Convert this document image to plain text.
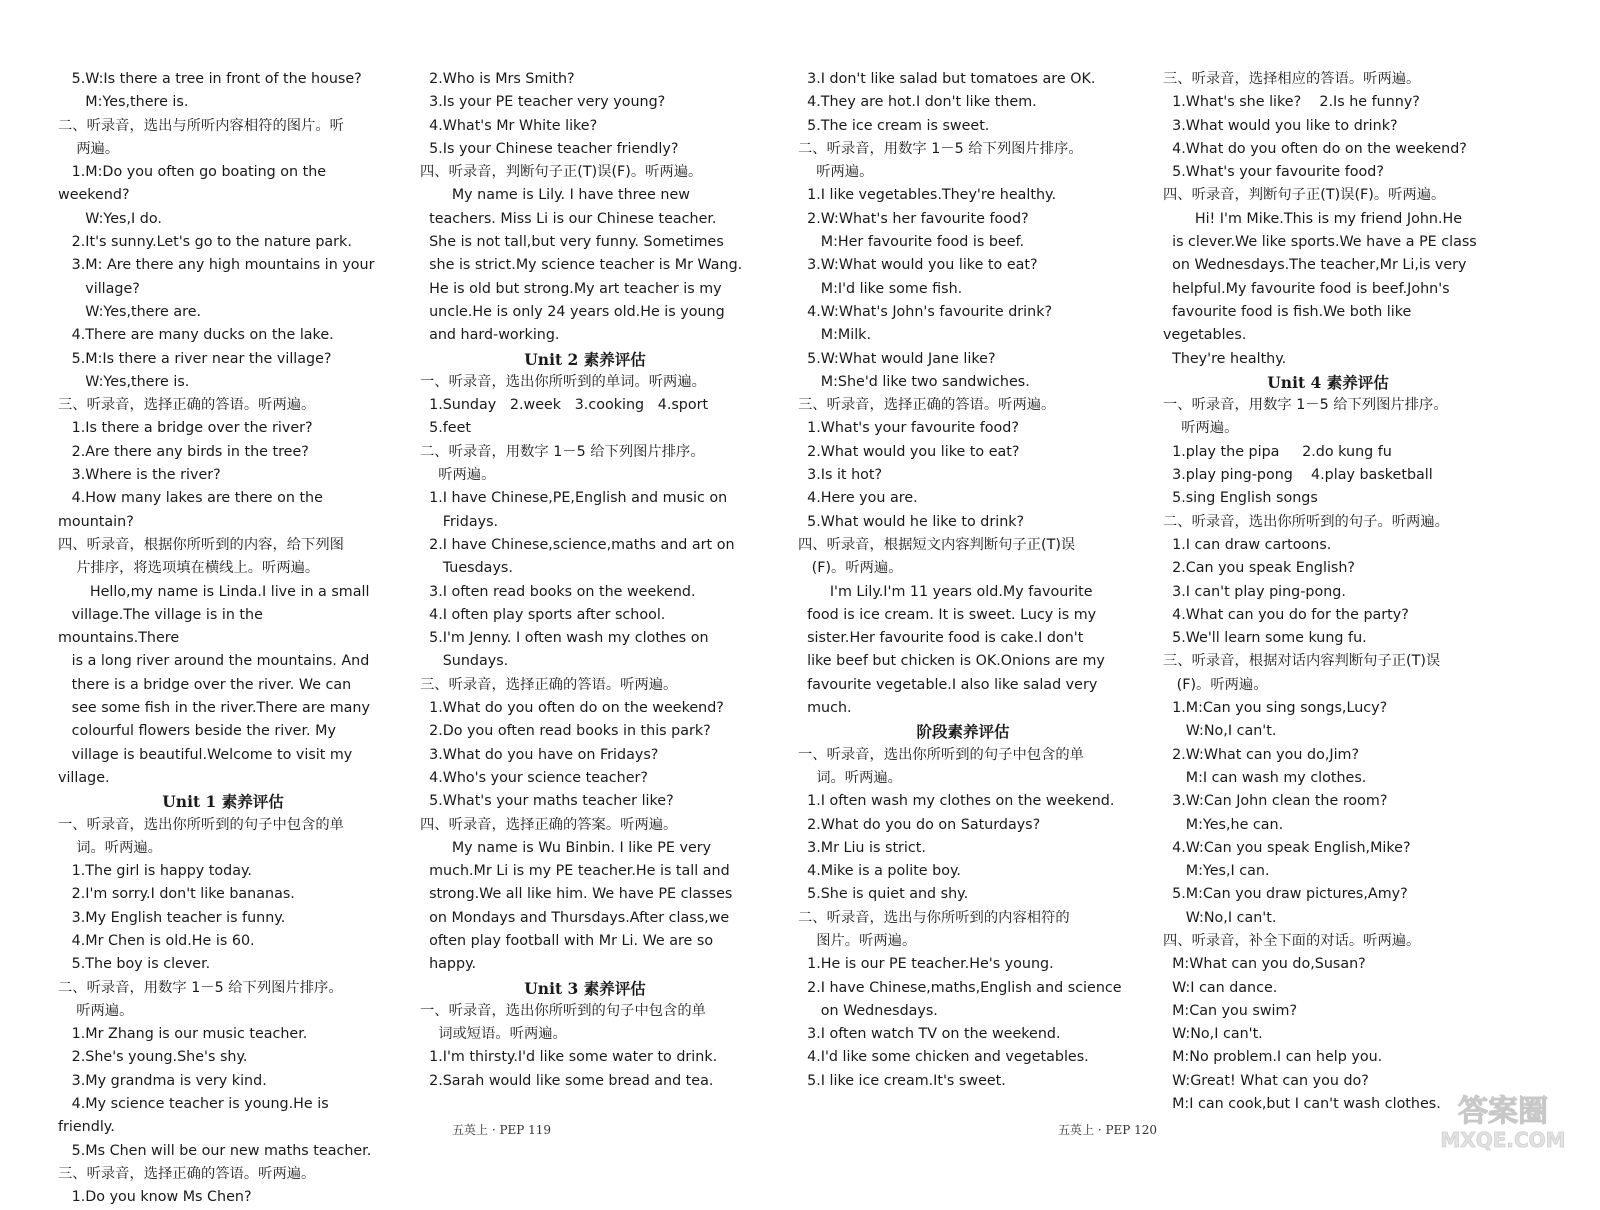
5.W:Is there a tree in front of the house?
M:Yes,there is.
二、听录音，选出与所听内容相符的图片。听
两遍。
1.M:Do you often go boating on the weekend?
W:Yes,I do.
2.It's sunny.Let's go to the nature park.
3.M: Are there any high mountains in your
village?
W:Yes,there are.
4.There are many ducks on the lake.
5.M:Is there a river near the village?
W:Yes,there is.
三、听录音，选择正确的答语。听两遍。
1.Is there a bridge over the river?
2.Are there any birds in the tree?
3.Where is the river?
4.How many lakes are there on the mountain?
四、听录音，根据你所听到的内容，给下列图
片排序，将选项填在横线上。听两遍。
Hello,my name is Linda.I live in a small
village.The village is in the mountains.There
is a long river around the mountains. And
there is a bridge over the river. We can
see some fish in the river.There are many
colourful flowers beside the river. My
village is beautiful.Welcome to visit my village.
Unit 1 素养评估
一、听录音，选出你所听到的句子中包含的单
词。听两遍。
1.The girl is happy today.
2.I'm sorry.I don't like bananas.
3.My English teacher is funny.
4.Mr Chen is old.He is 60.
5.The boy is clever.
二、听录音，用数字 1－5 给下列图片排序。
听两遍。
1.Mr Zhang is our music teacher.
2.She's young.She's shy.
3.My grandma is very kind.
4.My science teacher is young.He is friendly.
5.Ms Chen will be our new maths teacher.
三、听录音，选择正确的答语。听两遍。
1.Do you know Ms Chen?
2.Who is Mrs Smith?
3.Is your PE teacher very young?
4.What's Mr White like?
5.Is your Chinese teacher friendly?
四、听录音，判断句子正(T)误(F)。听两遍。
My name is Lily. I have three new
teachers. Miss Li is our Chinese teacher.
She is not tall,but very funny. Sometimes
she is strict.My science teacher is Mr Wang.
He is old but strong.My art teacher is my
uncle.He is only 24 years old.He is young
and hard-working.
Unit 2 素养评估
一、听录音，选出你所听到的单词。听两遍。
1.Sunday   2.week   3.cooking   4.sport
5.feet
二、听录音，用数字 1－5 给下列图片排序。
听两遍。
1.I have Chinese,PE,English and music on
Fridays.
2.I have Chinese,science,maths and art on
Tuesdays.
3.I often read books on the weekend.
4.I often play sports after school.
5.I'm Jenny. I often wash my clothes on
Sundays.
三、听录音，选择正确的答语。听两遍。
1.What do you often do on the weekend?
2.Do you often read books in this park?
3.What do you have on Fridays?
4.Who's your science teacher?
5.What's your maths teacher like?
四、听录音，选择正确的答案。听两遍。
My name is Wu Binbin. I like PE very
much.Mr Li is my PE teacher.He is tall and
strong.We all like him. We have PE classes
on Mondays and Thursdays.After class,we
often play football with Mr Li. We are so
happy.
Unit 3 素养评估
一、听录音，选出你所听到的句子中包含的单
词或短语。听两遍。
1.I'm thirsty.I'd like some water to drink.
2.Sarah would like some bread and tea.
3.I don't like salad but tomatoes are OK.
4.They are hot.I don't like them.
5.The ice cream is sweet.
二、听录音，用数字 1－5 给下列图片排序。
听两遍。
1.I like vegetables.They're healthy.
2.W:What's her favourite food?
M:Her favourite food is beef.
3.W:What would you like to eat?
M:I'd like some fish.
4.W:What's John's favourite drink?
M:Milk.
5.W:What would Jane like?
M:She'd like two sandwiches.
三、听录音，选择正确的答语。听两遍。
1.What's your favourite food?
2.What would you like to eat?
3.Is it hot?
4.Here you are.
5.What would he like to drink?
四、听录音，根据短文内容判断句子正(T)误
(F)。听两遍。
I'm Lily.I'm 11 years old.My favourite
food is ice cream. It is sweet. Lucy is my
sister.Her favourite food is cake.I don't
like beef but chicken is OK.Onions are my
favourite vegetable.I also like salad very
much.
阶段素养评估
一、听录音，选出你所听到的句子中包含的单
词。听两遍。
1.I often wash my clothes on the weekend.
2.What do you do on Saturdays?
3.Mr Liu is strict.
4.Mike is a polite boy.
5.She is quiet and shy.
二、听录音，选出与你所听到的内容相符的
图片。听两遍。
1.He is our PE teacher.He's young.
2.I have Chinese,maths,English and science
on Wednesdays.
3.I often watch TV on the weekend.
4.I'd like some chicken and vegetables.
5.I like ice cream.It's sweet.
三、听录音，选择相应的答语。听两遍。
1.What's she like?    2.Is he funny?
3.What would you like to drink?
4.What do you often do on the weekend?
5.What's your favourite food?
四、听录音，判断句子正(T)误(F)。听两遍。
Hi! I'm Mike.This is my friend John.He
is clever.We like sports.We have a PE class
on Wednesdays.The teacher,Mr Li,is very
helpful.My favourite food is beef.John's
favourite food is fish.We both like vegetables.
They're healthy.
Unit 4 素养评估
一、听录音，用数字 1－5 给下列图片排序。
听两遍。
1.play the pipa     2.do kung fu
3.play ping-pong    4.play basketball
5.sing English songs
二、听录音，选出你所听到的句子。听两遍。
1.I can draw cartoons.
2.Can you speak English?
3.I can't play ping-pong.
4.What can you do for the party?
5.We'll learn some kung fu.
三、听录音，根据对话内容判断句子正(T)误
(F)。听两遍。
1.M:Can you sing songs,Lucy?
W:No,I can't.
2.W:What can you do,Jim?
M:I can wash my clothes.
3.W:Can John clean the room?
M:Yes,he can.
4.W:Can you speak English,Mike?
M:Yes,I can.
5.M:Can you draw pictures,Amy?
W:No,I can't.
四、听录音，补全下面的对话。听两遍。
M:What can you do,Susan?
W:I can dance.
M:Can you swim?
W:No,I can't.
M:No problem.I can help you.
W:Great! What can you do?
M:I can cook,but I can't wash clothes.
五英上 · PEP 119	五英上 · PEP 120
答案圈
MXQE.COM
